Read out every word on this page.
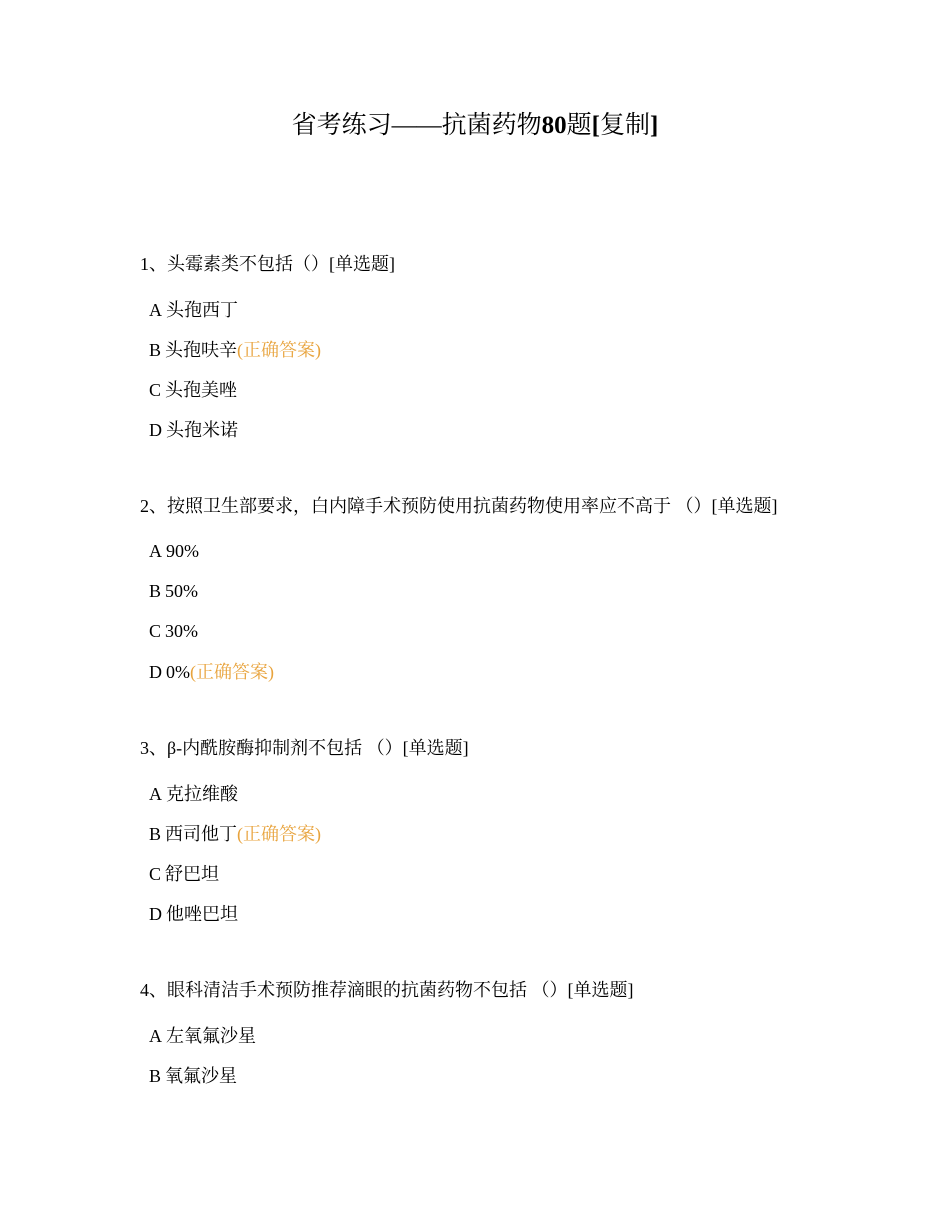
省考练习——抗菌药物80题[复制]
1、头霉素类不包括（）[单选题]
A 头孢西丁
B 头孢呋辛(正确答案)
C 头孢美唑
D 头孢米诺
2、按照卫生部要求，白内障手术预防使用抗菌药物使用率应不高于 （）[单选题]
A 90%
B 50%
C 30%
D 0%(正确答案)
3、β-内酰胺酶抑制剂不包括 （）[单选题]
A 克拉维酸
B 西司他丁(正确答案)
C 舒巴坦
D 他唑巴坦
4、眼科清洁手术预防推荐滴眼的抗菌药物不包括 （）[单选题]
A 左氧氟沙星
B 氧氟沙星
